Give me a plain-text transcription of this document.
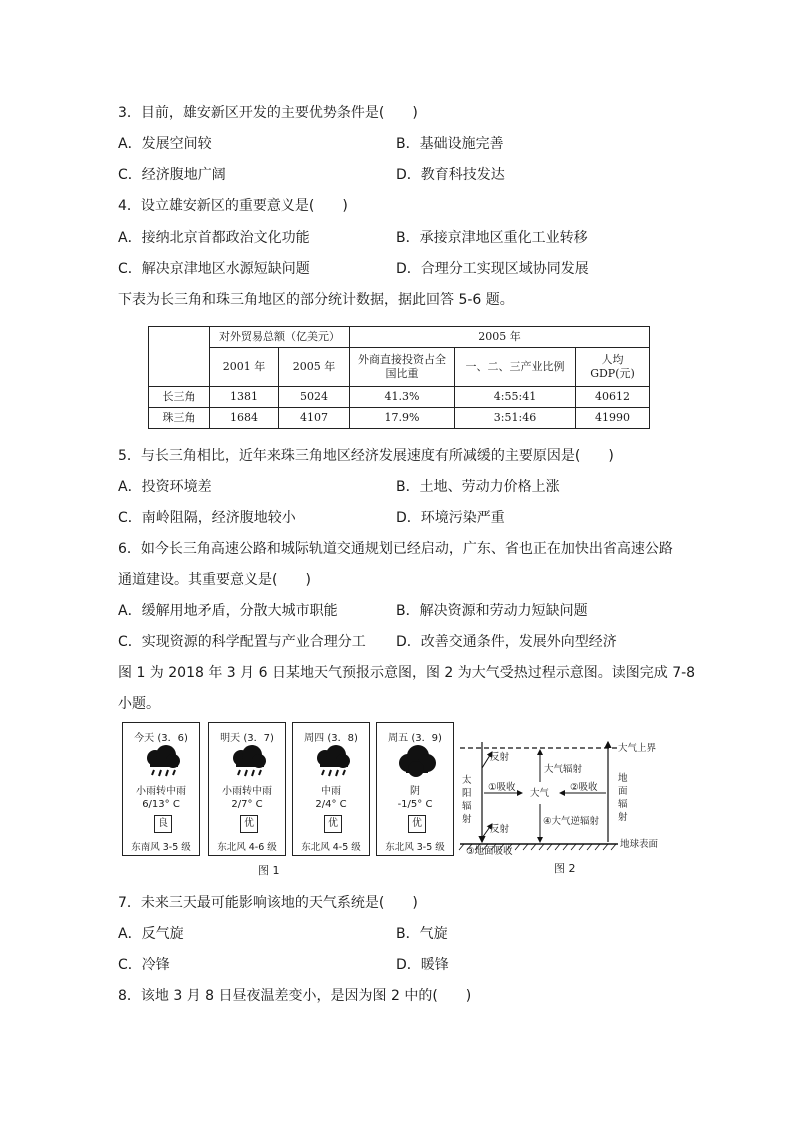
3．目前，雄安新区开发的主要优势条件是(　　)
A．发展空间较	B．基础设施完善
C．经济腹地广阔	D．教育科技发达
4．设立雄安新区的重要意义是(　　)
A．接纳北京首都政治文化功能	B．承接京津地区重化工业转移
C．解决京津地区水源短缺问题	D．合理分工实现区域协同发展
下表为长三角和珠三角地区的部分统计数据，据此回答 5-6 题。
	对外贸易总额（亿美元）		2005 年		
	2001 年	2005 年	外商直接投资占全国比重	一、二、三产业比例	人均GDP(元)
长三角	1381	5024	41.3%	4:55:41	40612
珠三角	1684	4107	17.9%	3:51:46	41990
5．与长三角相比，近年来珠三角地区经济发展速度有所减缓的主要原因是(　　)
A．投资环境差	B．土地、劳动力价格上涨
C．南岭阻隔，经济腹地较小	D．环境污染严重
6．如今长三角高速公路和城际轨道交通规划已经启动，广东、省也正在加快出省高速公路
通道建设。其重要意义是(　　)
A．缓解用地矛盾，分散大城市职能	B．解决资源和劳动力短缺问题
C．实现资源的科学配置与产业合理分工 D．改善交通条件，发展外向型经济
图 1 为 2018 年 3 月 6 日某地天气预报示意图，图 2 为大气受热过程示意图。读图完成 7-8
小题。
今天 (3．6)
小雨转中雨
6/13° C
良
东南风 3-5 级
明天 (3．7)
小雨转中雨
2/7° C
优
东北风 4-6 级
周四 (3．8)
中雨
2/4° C
优
东北风 4-5 级
周五 (3．9)
阴
-1/5° C
优
东北风 3-5 级
图 1
太
阳
辐
射
地
面
辐
射
大气上界
地球表面
反射
反射
大气辐射
①吸收	②吸收
大气
④大气逆辐射
③地面吸收
图 2
7．未来三天最可能影响该地的天气系统是(　　)
A．反气旋	B．气旋
C．冷锋	D．暖锋
8．该地 3 月 8 日昼夜温差变小，是因为图 2 中的(　　)
